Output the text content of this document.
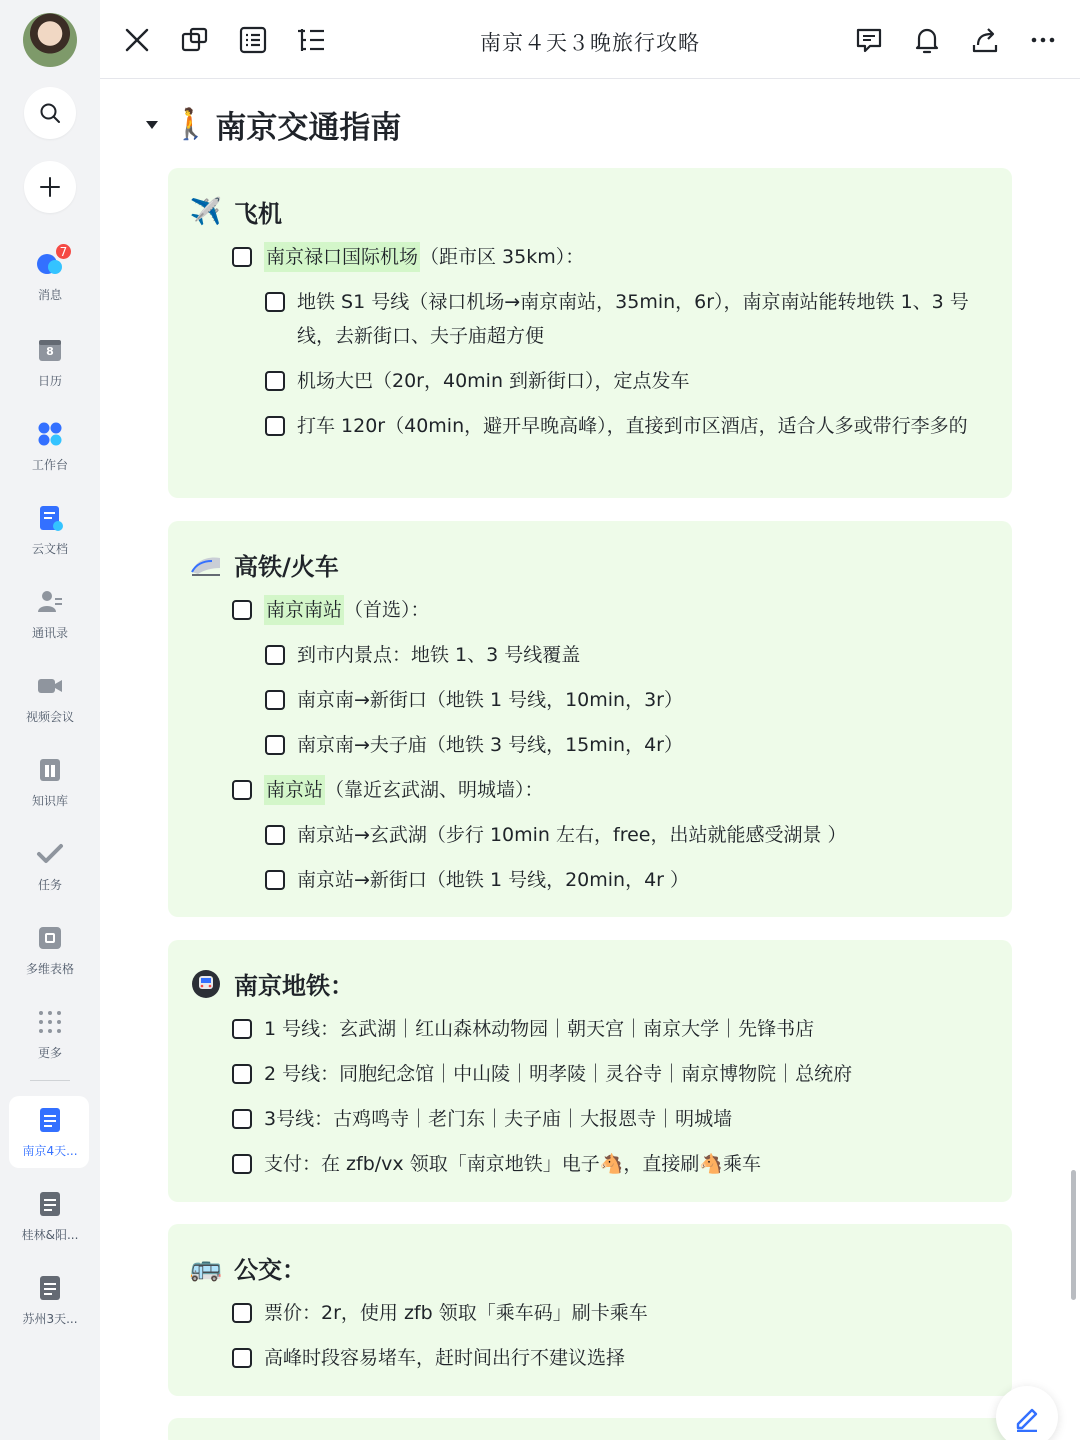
7
消息
8
日历
工作台
云文档
通讯录
视频会议
知识库
任务
多维表格
更多
南京4天...
桂林&阳...
苏州3天...
南京４天３晚旅行攻略
🚶 南京交通指南
✈️ 飞机
南京禄口国际机场 （距市区 35km）：
地铁 S1 号线（禄口机场→南京南站，35min，6r），南京南站能转地铁 1、3 号线，去新街口、夫子庙超方便
机场大巴（20r，40min 到新街口），定点发车
打车 120r（40min，避开早晚高峰），直接到市区酒店，适合人多或带行李多的
高铁/火车
南京南站 （首选）：
到市内景点：地铁 1、3 号线覆盖
南京南→新街口（地铁 1 号线，10min，3r）
南京南→夫子庙（地铁 3 号线，15min，4r）
南京站 （靠近玄武湖、明城墙）：
南京站→玄武湖（步行 10min 左右，free，出站就能感受湖景 ）
南京站→新街口（地铁 1 号线，20min，4r ）
南京地铁：
1 号线：玄武湖｜红山森林动物园｜朝天宫｜南京大学｜先锋书店
2 号线：同胞纪念馆｜中山陵｜明孝陵｜灵谷寺｜南京博物院｜总统府
3号线：古鸡鸣寺｜老门东｜夫子庙｜大报恩寺｜明城墙
支付：在 zfb/vx 领取「南京地铁」电子🐴，直接刷🐴乘车
🚌 公交：
票价：2r，使用 zfb 领取「乘车码」刷卡乘车
高峰时段容易堵车，赶时间出行不建议选择
